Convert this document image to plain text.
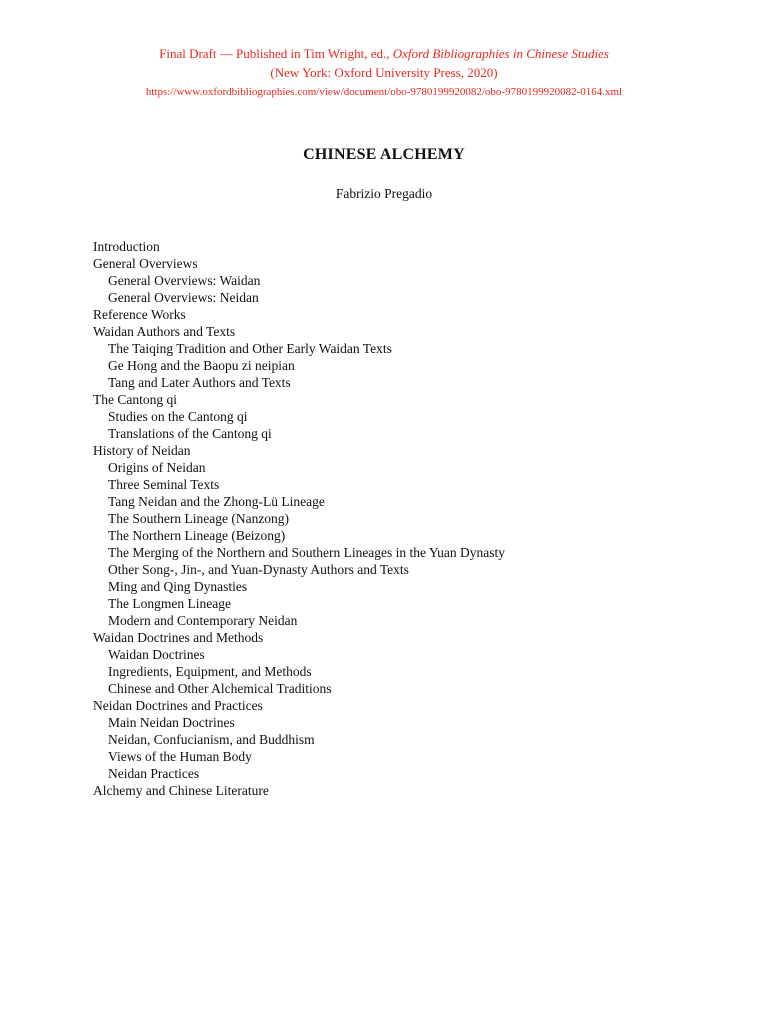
Final Draft — Published in Tim Wright, ed., Oxford Bibliographies in Chinese Studies
(New York: Oxford University Press, 2020)
https://www.oxfordbibliographies.com/view/document/obo-9780199920082/obo-9780199920082-0164.xml
CHINESE ALCHEMY
Fabrizio Pregadio
Introduction
General Overviews
General Overviews: Waidan
General Overviews: Neidan
Reference Works
Waidan Authors and Texts
The Taiqing Tradition and Other Early Waidan Texts
Ge Hong and the Baopu zi neipian
Tang and Later Authors and Texts
The Cantong qi
Studies on the Cantong qi
Translations of the Cantong qi
History of Neidan
Origins of Neidan
Three Seminal Texts
Tang Neidan and the Zhong-Lü Lineage
The Southern Lineage (Nanzong)
The Northern Lineage (Beizong)
The Merging of the Northern and Southern Lineages in the Yuan Dynasty
Other Song-, Jin-, and Yuan-Dynasty Authors and Texts
Ming and Qing Dynasties
The Longmen Lineage
Modern and Contemporary Neidan
Waidan Doctrines and Methods
Waidan Doctrines
Ingredients, Equipment, and Methods
Chinese and Other Alchemical Traditions
Neidan Doctrines and Practices
Main Neidan Doctrines
Neidan, Confucianism, and Buddhism
Views of the Human Body
Neidan Practices
Alchemy and Chinese Literature
